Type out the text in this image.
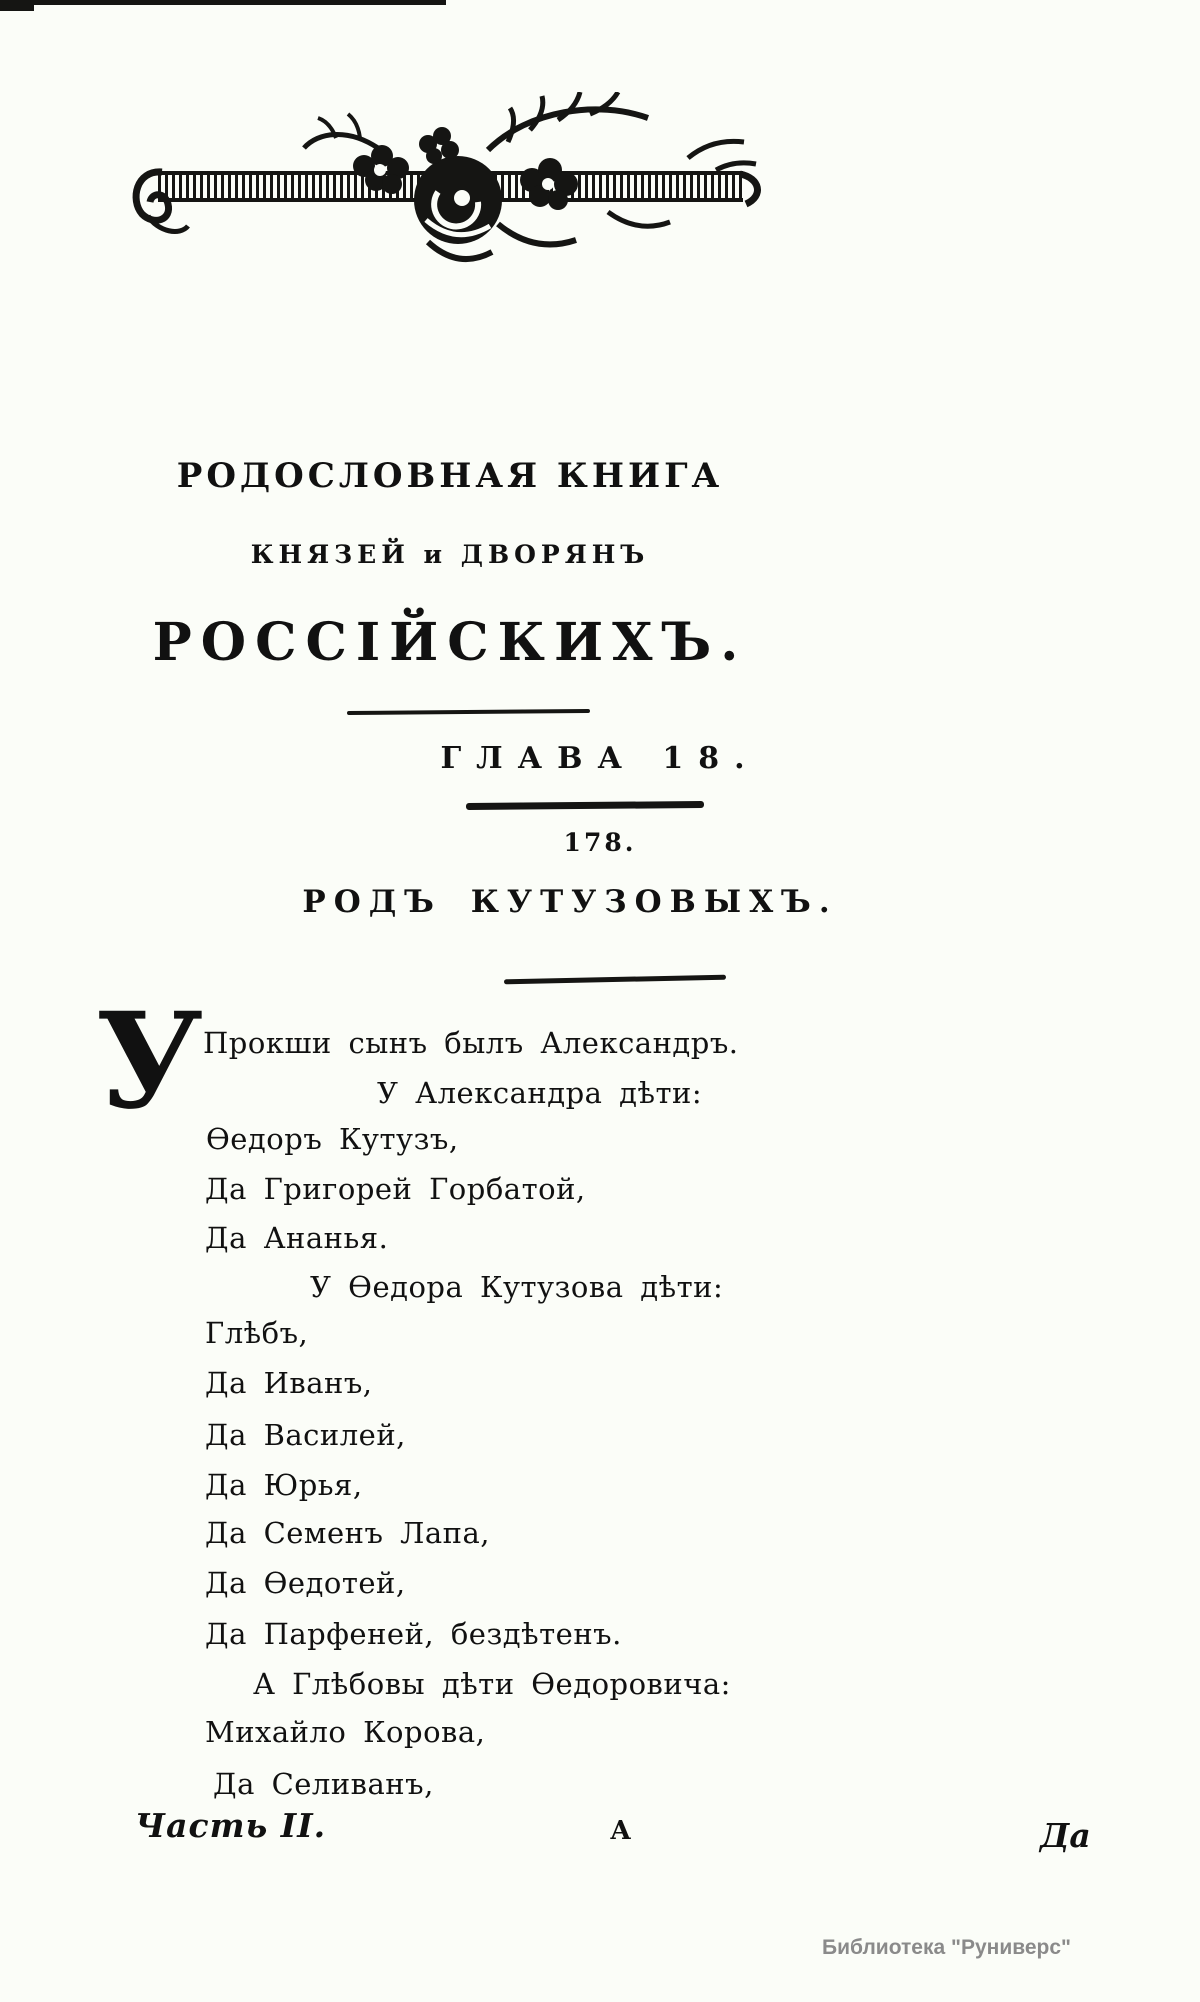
РОДОСЛОВНАЯ КНИГА
КНЯЗЕЙ и ДВОРЯНЪ
РОССІЙСКИХЪ.
ГЛАВА 18.
178.
РОДЪ КУТУЗОВЫХЪ.
У Прокши сынъ былъ Александръ.
У Александра дѣти:
Ѳедоръ Кутузъ,
Да Григорей Горбатой,
Да Ананья.
У Ѳедора Кутузова дѣти:
Глѣбъ,
Да Иванъ,
Да Василей,
Да Юрья,
Да Семенъ Лапа,
Да Ѳедотей,
Да Парфеней, бездѣтенъ.
А Глѣбовы дѣти Ѳедоровича:
Михайло Корова,
Да Селиванъ,
Часть II.	А	Да
Библиотека "Руниверс"
